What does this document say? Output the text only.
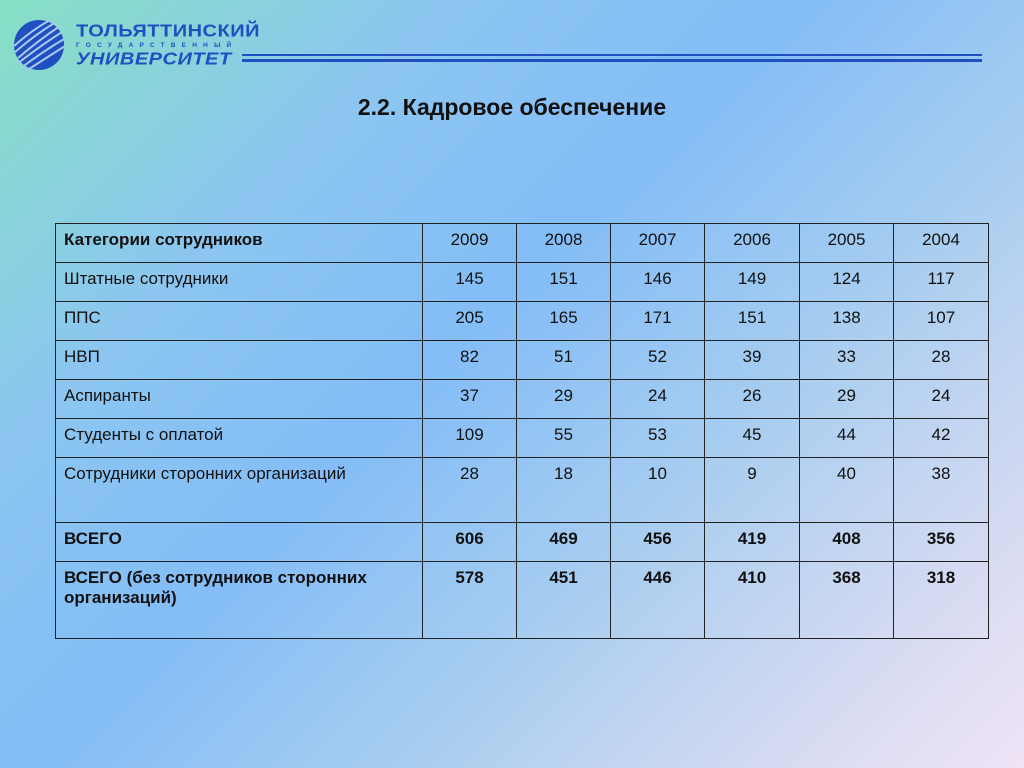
ТОЛЬЯТТИНСКИЙ
ГОСУДАРСТВЕННЫЙ
УНИВЕРСИТЕТ
2.2. Кадровое обеспечение
Категории сотрудников	2009	2008	2007	2006	2005	2004
Штатные сотрудники	145	151	146	149	124	117
ППС	205	165	171	151	138	107
НВП	82	51	52	39	33	28
Аспиранты	37	29	24	26	29	24
Студенты с оплатой	109	55	53	45	44	42
Сотрудники сторонних организаций	28	18	10	9	40	38
ВСЕГО	606	469	456	419	408	356
ВСЕГО (без сотрудников сторонних организаций)	578	451	446	410	368	318
